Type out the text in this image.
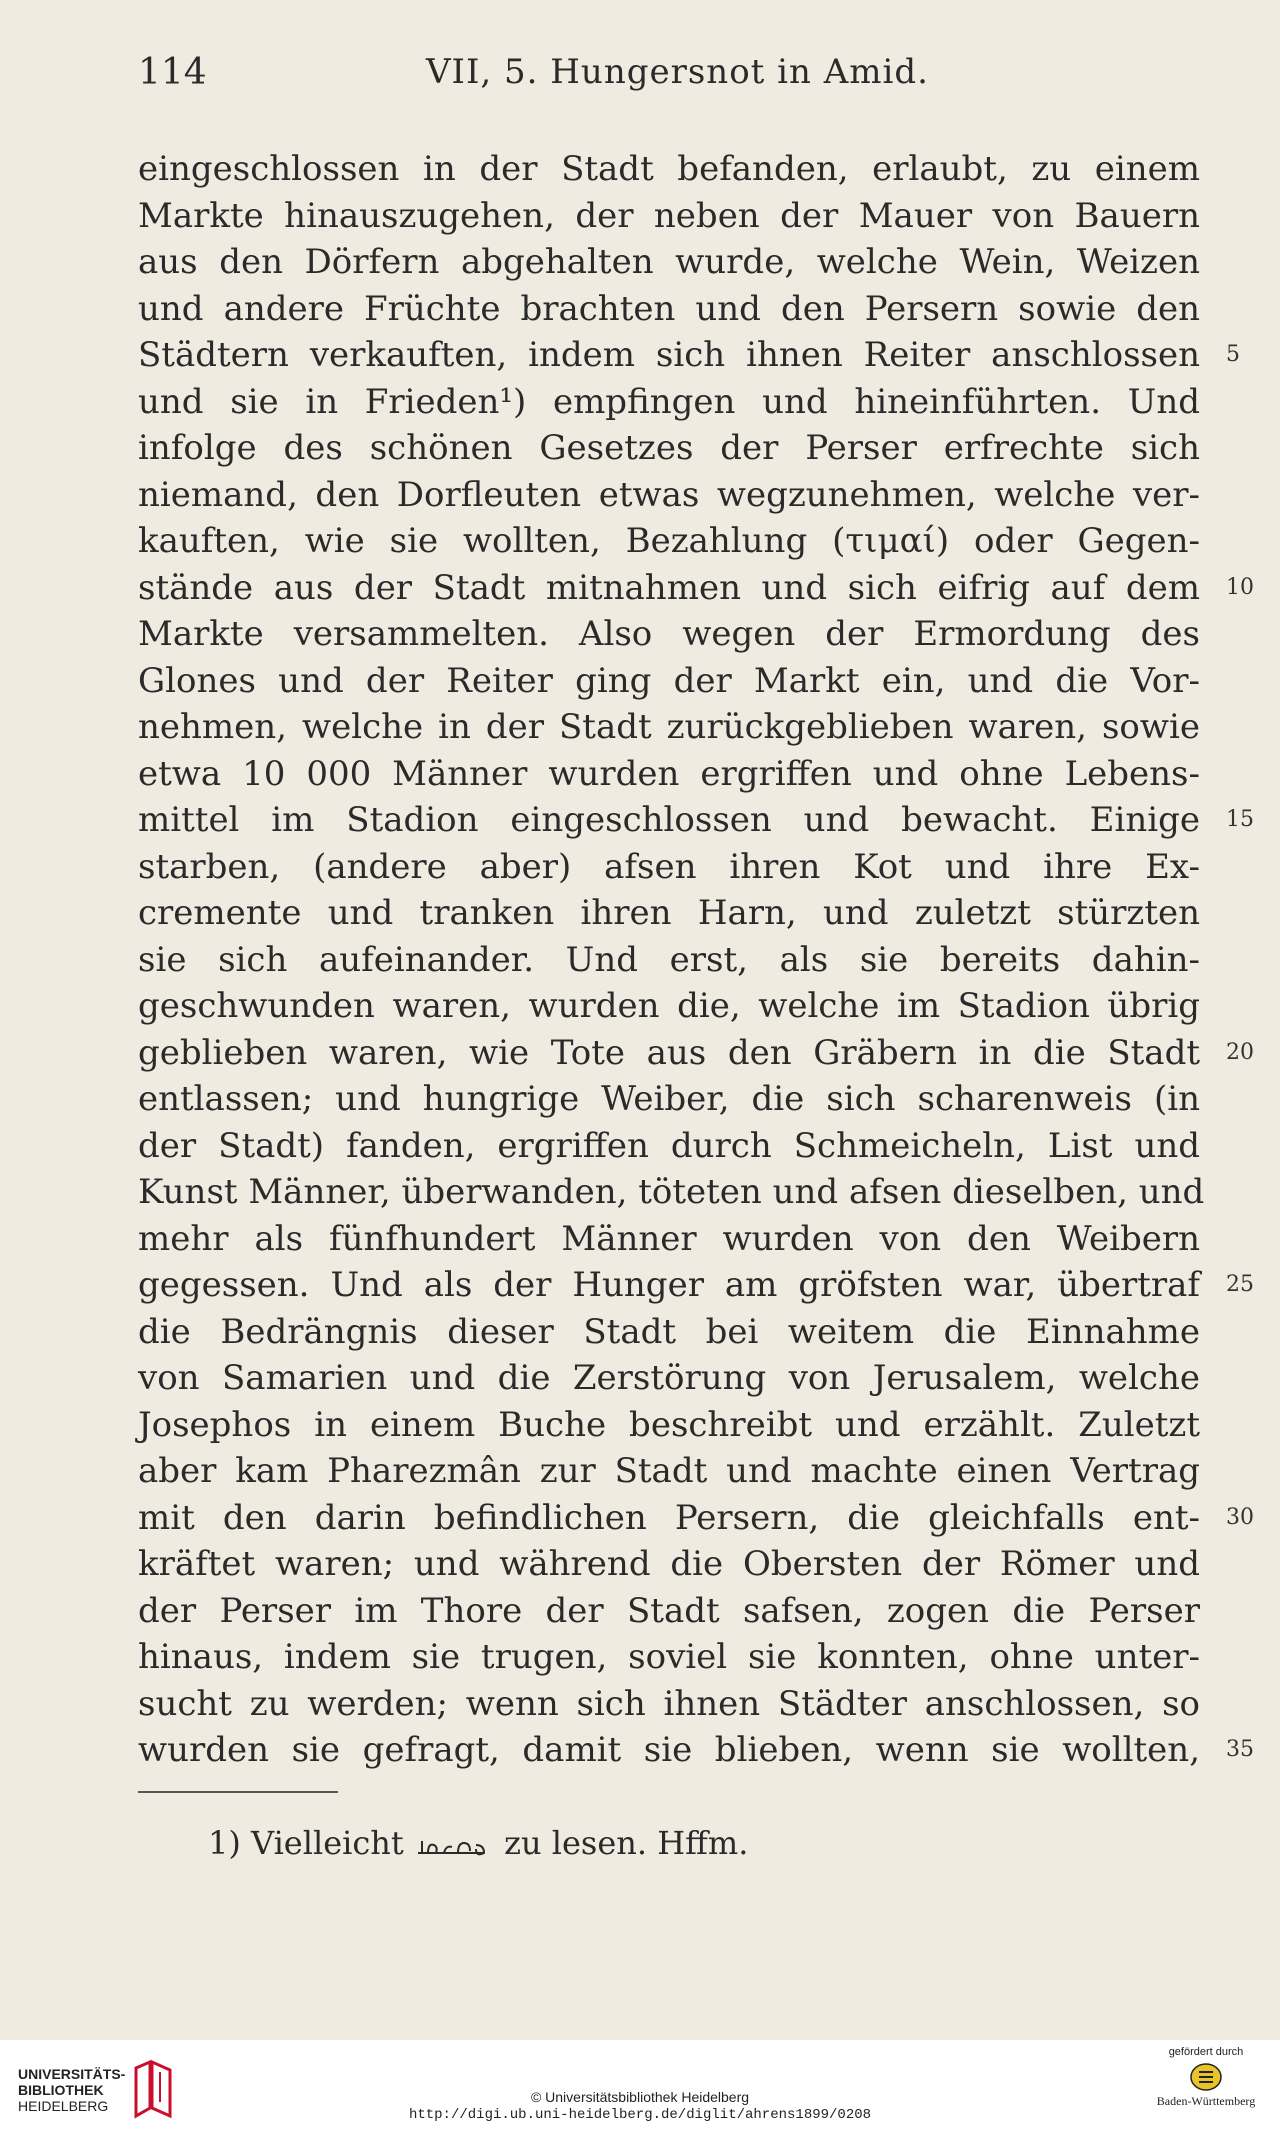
114	VII, 5. Hungersnot in Amid.
eingeschlossen in der Stadt befanden, erlaubt, zu einem
Markte hinauszugehen, der neben der Mauer von Bauern
aus den Dörfern abgehalten wurde, welche Wein, Weizen
und andere Früchte brachten und den Persern sowie den
Städtern verkauften, indem sich ihnen Reiter anschlossen
und sie in Frieden¹) empfingen und hineinführten. Und
infolge des schönen Gesetzes der Perser erfrechte sich
niemand, den Dorfleuten etwas wegzunehmen, welche ver-
kauften, wie sie wollten, Bezahlung (τιμαί) oder Gegen-
stände aus der Stadt mitnahmen und sich eifrig auf dem
Markte versammelten. Also wegen der Ermordung des
Glones und der Reiter ging der Markt ein, und die Vor-
nehmen, welche in der Stadt zurückgeblieben waren, sowie
etwa 10 000 Männer wurden ergriffen und ohne Lebens-
mittel im Stadion eingeschlossen und bewacht. Einige
starben, (andere aber) afsen ihren Kot und ihre Ex-
cremente und tranken ihren Harn, und zuletzt stürzten
sie sich aufeinander. Und erst, als sie bereits dahin-
geschwunden waren, wurden die, welche im Stadion übrig
geblieben waren, wie Tote aus den Gräbern in die Stadt
entlassen; und hungrige Weiber, die sich scharenweis (in
der Stadt) fanden, ergriffen durch Schmeicheln, List und
Kunst Männer, überwanden, töteten und afsen dieselben, und
mehr als fünfhundert Männer wurden von den Weibern
gegessen. Und als der Hunger am gröfsten war, übertraf
die Bedrängnis dieser Stadt bei weitem die Einnahme
von Samarien und die Zerstörung von Jerusalem, welche
Josephos in einem Buche beschreibt und erzählt. Zuletzt
aber kam Pharezmân zur Stadt und machte einen Vertrag
mit den darin befindlichen Persern, die gleichfalls ent-
kräftet waren; und während die Obersten der Römer und
der Perser im Thore der Stadt safsen, zogen die Perser
hinaus, indem sie trugen, soviel sie konnten, ohne unter-
sucht zu werden; wenn sich ihnen Städter anschlossen, so
wurden sie gefragt, damit sie blieben, wenn sie wollten,
1) Vielleicht	zu lesen. Hffm.
5
10
15
20
25
30
35
UNIVERSITÄTS-
BIBLIOTHEK
HEIDELBERG
© Universitätsbibliothek Heidelberg
http://digi.ub.uni-heidelberg.de/diglit/ahrens1899/0208
gefördert durch
Baden-Württemberg
